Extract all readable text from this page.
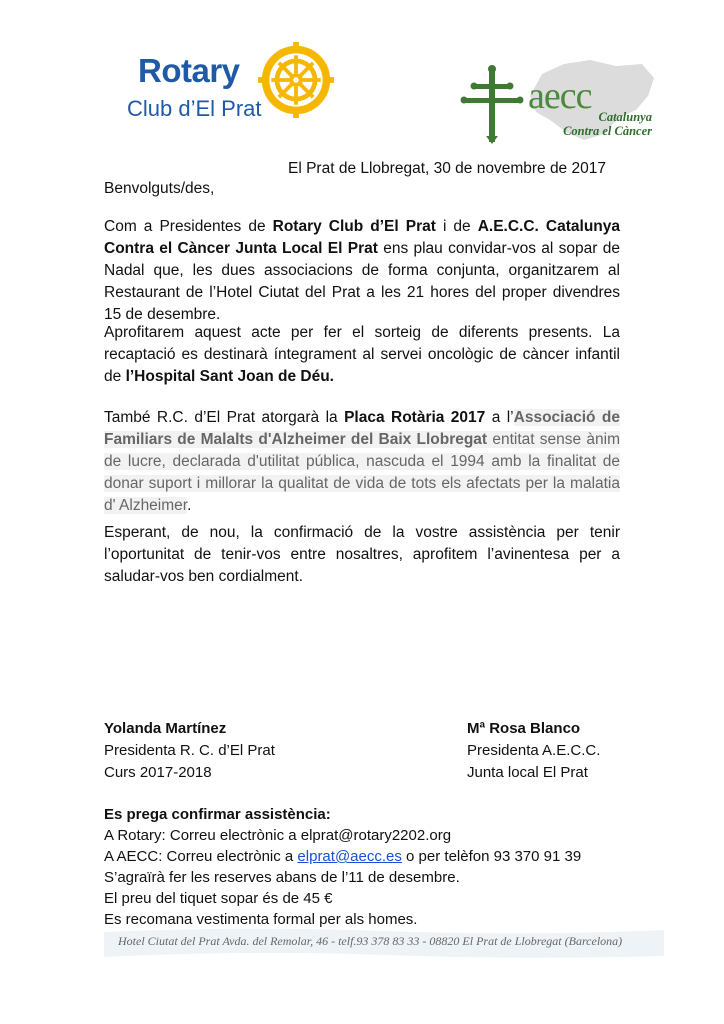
Rotary
Club d’El Prat	aecc Catalunya
Contra el Càncer
El Prat de Llobregat, 30 de novembre de 2017
Benvolguts/des,
Com a Presidentes de Rotary Club d’El Prat i de A.E.C.C. Catalunya Contra el Càncer Junta Local El Prat ens plau convidar-vos al sopar de Nadal que, les dues associacions de forma conjunta, organitzarem al Restaurant de l’Hotel Ciutat del Prat a les 21 hores del proper divendres 15 de desembre.
Aprofitarem aquest acte per fer el sorteig de diferents presents. La recaptació es destinarà íntegrament al servei oncològic de càncer infantil de l’Hospital Sant Joan de Déu.
També R.C. d’El Prat atorgarà la Placa Rotària 2017 a l’Associació de Familiars de Malalts d'Alzheimer del Baix Llobregat entitat sense ànim de lucre, declarada d'utilitat pública, nascuda el 1994 amb la finalitat de donar suport i millorar la qualitat de vida de tots els afectats per la malatia d' Alzheimer.
Esperant, de nou, la confirmació de la vostre assistència per tenir l’oportunitat de tenir-vos entre nosaltres, aprofitem l’avinentesa per a saludar-vos ben cordialment.
Yolanda Martínez
Presidenta R. C. d’El Prat
Curs 2017-2018
Mª Rosa Blanco
Presidenta A.E.C.C.
Junta local El Prat
Es prega confirmar assistència:
A Rotary: Correu electrònic a elprat@rotary2202.org
A AECC: Correu electrònic a elprat@aecc.es o per telèfon 93 370 91 39
S’agraïrà fer les reserves abans de l’11 de desembre.
El preu del tiquet sopar és de 45 €
Es recomana vestimenta formal per als homes.
Hotel Ciutat del Prat Avda. del Remolar, 46 - telf.93 378 83 33 - 08820 El Prat de Llobregat (Barcelona)
